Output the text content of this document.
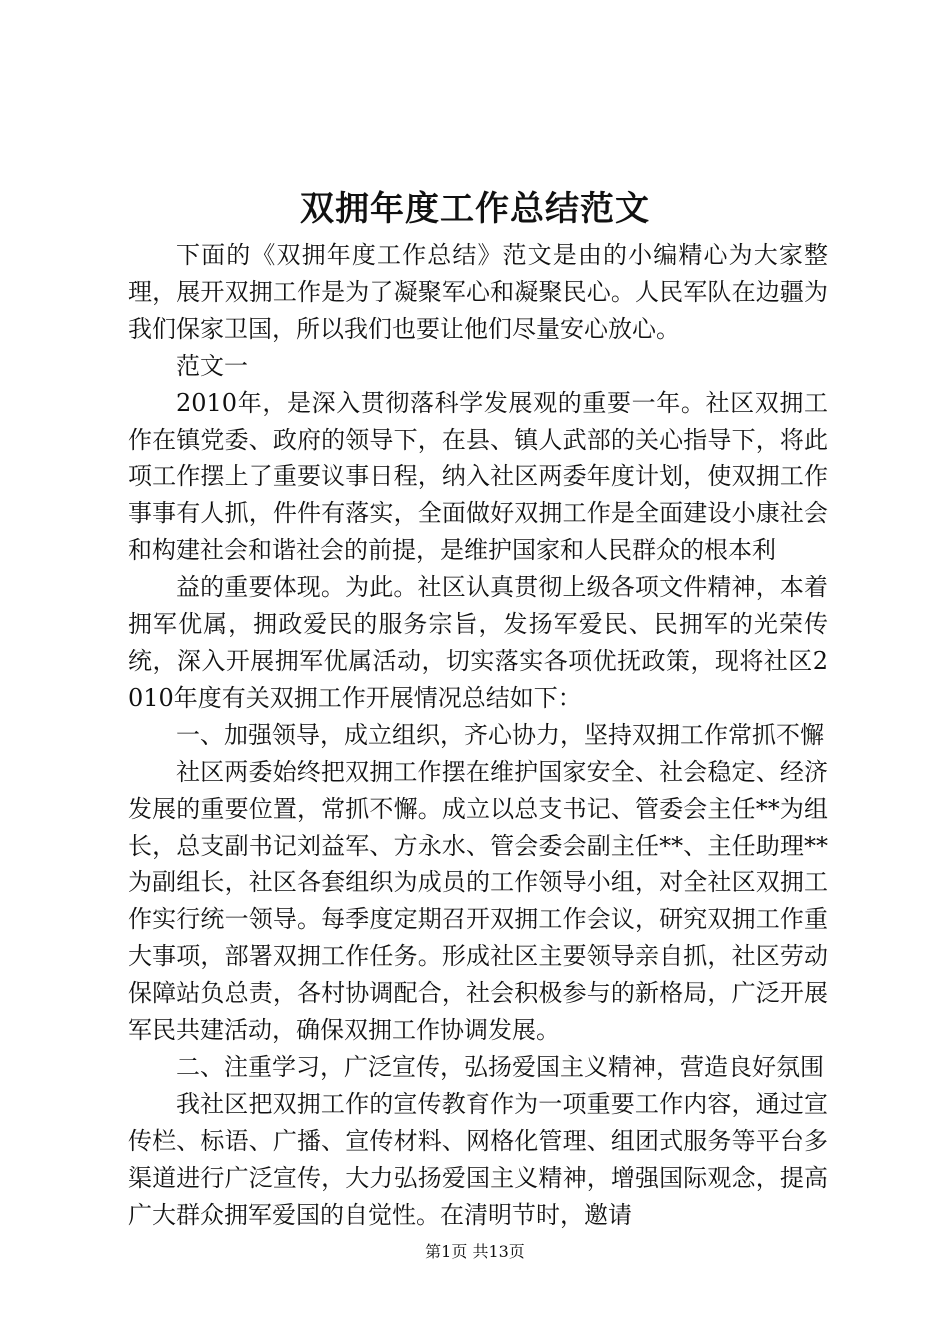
双拥年度工作总结范文

下面的《双拥年度工作总结》范文是由的小编精心为大家整理，展开双拥工作是为了凝聚军心和凝聚民心。人民军队在边疆为我们保家卫国，所以我们也要让他们尽量安心放心。

范文一

2010年，是深入贯彻落科学发展观的重要一年。社区双拥工作在镇党委、政府的领导下，在县、镇人武部的关心指导下，将此项工作摆上了重要议事日程，纳入社区两委年度计划，使双拥工作事事有人抓，件件有落实，全面做好双拥工作是全面建设小康社会和构建社会和谐社会的前提，是维护国家和人民群众的根本利

益的重要体现。为此。社区认真贯彻上级各项文件精神，本着拥军优属，拥政爱民的服务宗旨，发扬军爱民、民拥军的光荣传统，深入开展拥军优属活动，切实落实各项优抚政策，现将社区2010年度有关双拥工作开展情况总结如下：

一、加强领导，成立组织，齐心协力，坚持双拥工作常抓不懈

社区两委始终把双拥工作摆在维护国家安全、社会稳定、经济发展的重要位置，常抓不懈。成立以总支书记、管委会主任**为组长，总支副书记刘益军、方永水、管会委会副主任**、主任助理**为副组长，社区各套组织为成员的工作领导小组，对全社区双拥工作实行统一领导。每季度定期召开双拥工作会议，研究双拥工作重大事项，部署双拥工作任务。形成社区主要领导亲自抓，社区劳动保障站负总责，各村协调配合，社会积极参与的新格局，广泛开展军民共建活动，确保双拥工作协调发展。

二、注重学习，广泛宣传，弘扬爱国主义精神，营造良好氛围

我社区把双拥工作的宣传教育作为一项重要工作内容，通过宣传栏、标语、广播、宣传材料、网格化管理、组团式服务等平台多渠道进行广泛宣传，大力弘扬爱国主义精神，增强国际观念，提高广大群众拥军爱国的自觉性。在清明节时，邀请

第1页 共13页
